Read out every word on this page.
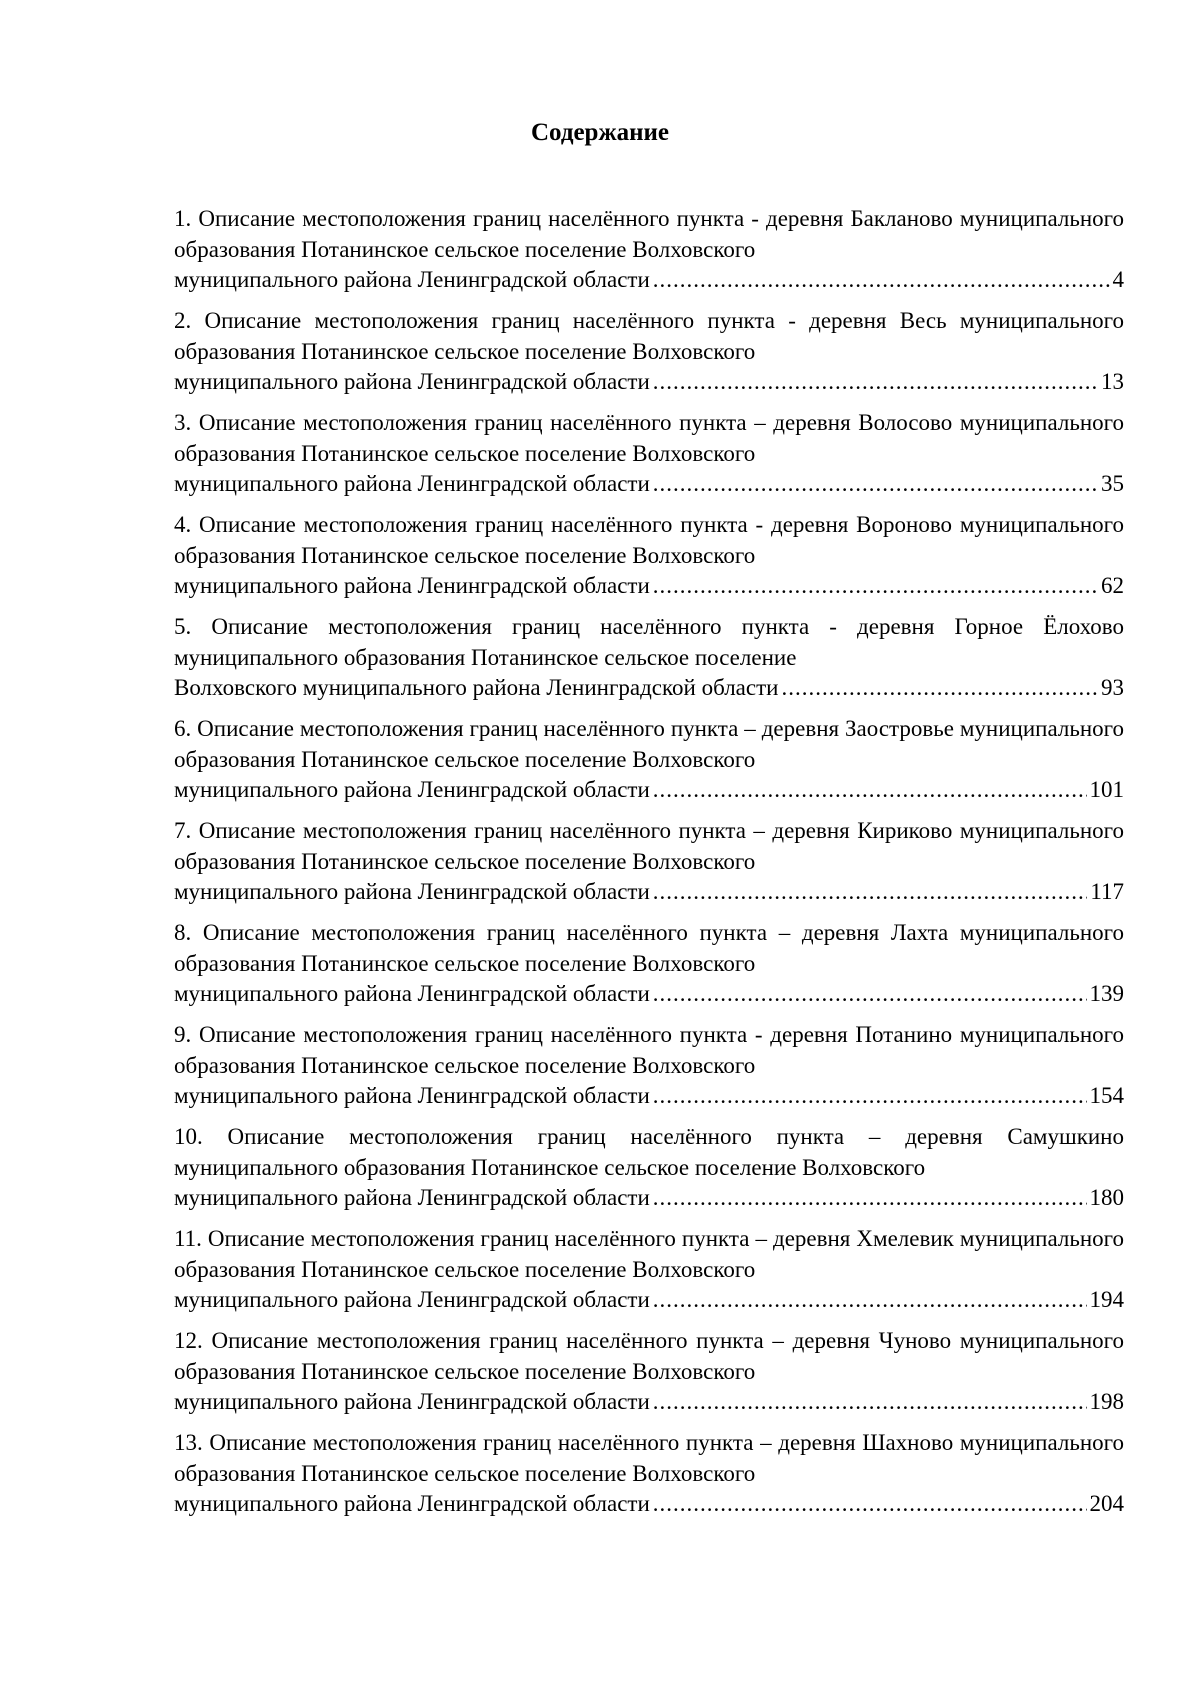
Содержание
1. Описание местоположения границ населённого пункта - деревня Бакланово муниципального образования Потанинское сельское поселение Волховского
муниципального района Ленинградской области .....	4
2. Описание местоположения границ населённого пункта - деревня Весь муниципального образования Потанинское сельское поселение Волховского
муниципального района Ленинградской области .....	13
3. Описание местоположения границ населённого пункта – деревня Волосово муниципального образования Потанинское сельское поселение Волховского
муниципального района Ленинградской области .....	35
4. Описание местоположения границ населённого пункта - деревня Вороново муниципального образования Потанинское сельское поселение Волховского
муниципального района Ленинградской области .....	62
5. Описание местоположения границ населённого пункта - деревня Горное Ёлохово муниципального образования Потанинское сельское поселение
Волховского муниципального района Ленинградской области .....	93
6. Описание местоположения границ населённого пункта – деревня Заостровье муниципального образования Потанинское сельское поселение Волховского
муниципального района Ленинградской области .....	101
7. Описание местоположения границ населённого пункта – деревня Кириково муниципального образования Потанинское сельское поселение Волховского
муниципального района Ленинградской области .....	117
8. Описание местоположения границ населённого пункта – деревня Лахта муниципального образования Потанинское сельское поселение Волховского
муниципального района Ленинградской области .....	139
9. Описание местоположения границ населённого пункта - деревня Потанино муниципального образования Потанинское сельское поселение Волховского
муниципального района Ленинградской области .....	154
10. Описание местоположения границ населённого пункта – деревня Самушкино муниципального образования Потанинское сельское поселение Волховского
муниципального района Ленинградской области .....	180
11. Описание местоположения границ населённого пункта – деревня Хмелевик муниципального образования Потанинское сельское поселение Волховского
муниципального района Ленинградской области .....	194
12. Описание местоположения границ населённого пункта – деревня Чуново муниципального образования Потанинское сельское поселение Волховского
муниципального района Ленинградской области .....	198
13. Описание местоположения границ населённого пункта – деревня Шахново муниципального образования Потанинское сельское поселение Волховского
муниципального района Ленинградской области .....	204
